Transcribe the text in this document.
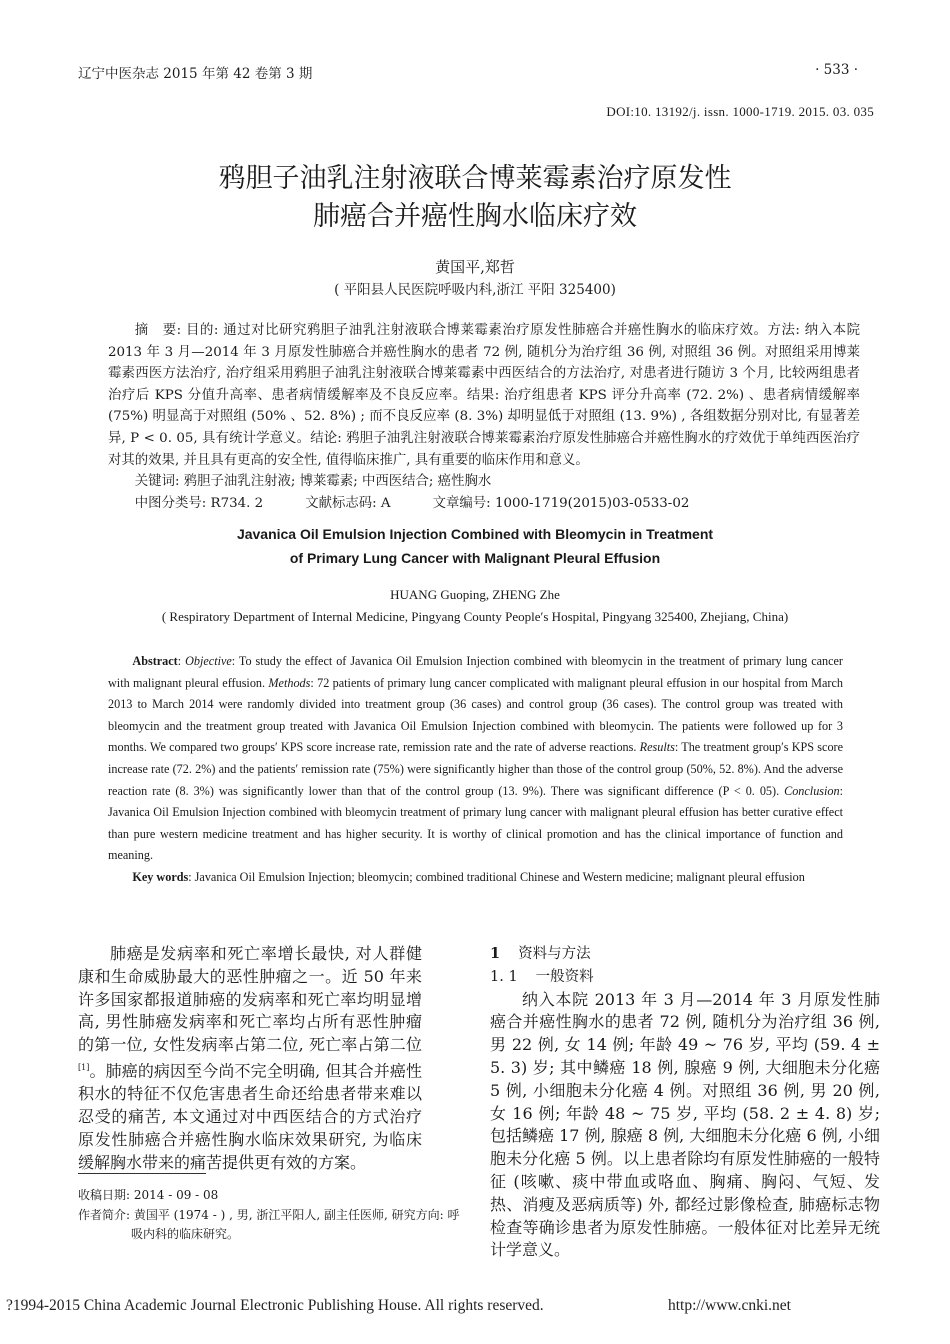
辽宁中医杂志 2015 年第 42 卷第 3 期	· 533 ·
DOI:10. 13192/j. issn. 1000-1719. 2015. 03. 035
鸦胆子油乳注射液联合博莱霉素治疗原发性
肺癌合并癌性胸水临床疗效
黄国平,郑哲
( 平阳县人民医院呼吸内科,浙江 平阳 325400)

摘　要: 目的: 通过对比研究鸦胆子油乳注射液联合博莱霉素治疗原发性肺癌合并癌性胸水的临床疗效。方法: 纳入本院 2013 年 3 月—2014 年 3 月原发性肺癌合并癌性胸水的患者 72 例, 随机分为治疗组 36 例, 对照组 36 例。对照组采用博莱霉素西医方法治疗, 治疗组采用鸦胆子油乳注射液联合博莱霉素中西医结合的方法治疗, 对患者进行随访 3 个月, 比较两组患者治疗后 KPS 分值升高率、患者病情缓解率及不良反应率。结果: 治疗组患者 KPS 评分升高率 (72. 2%) 、患者病情缓解率 (75%) 明显高于对照组 (50% 、52. 8%) ; 而不良反应率 (8. 3%) 却明显低于对照组 (13. 9%) , 各组数据分别对比, 有显著差异, P < 0. 05, 具有统计学意义。结论: 鸦胆子油乳注射液联合博莱霉素治疗原发性肺癌合并癌性胸水的疗效优于单纯西医治疗对其的效果, 并且具有更高的安全性, 值得临床推广, 具有重要的临床作用和意义。

关键词: 鸦胆子油乳注射液; 博莱霉素; 中西医结合; 癌性胸水

中图分类号: R734. 2	文献标志码: A	文章编号: 1000-1719(2015)03-0533-02

Javanica Oil Emulsion Injection Combined with Bleomycin in Treatment
of Primary Lung Cancer with Malignant Pleural Effusion
HUANG Guoping, ZHENG Zhe
( Respiratory Department of Internal Medicine, Pingyang County People′s Hospital, Pingyang 325400, Zhejiang, China)

Abstract: Objective: To study the effect of Javanica Oil Emulsion Injection combined with bleomycin in the treatment of primary lung cancer with malignant pleural effusion. Methods: 72 patients of primary lung cancer complicated with malignant pleural effusion in our hospital from March 2013 to March 2014 were randomly divided into treatment group (36 cases) and control group (36 cases). The control group was treated with bleomycin and the treatment group treated with Javanica Oil Emulsion Injection combined with bleomycin. The patients were followed up for 3 months. We compared two groups′ KPS score increase rate, remission rate and the rate of adverse reactions. Results: The treatment group′s KPS score increase rate (72. 2%) and the patients′ remission rate (75%) were significantly higher than those of the control group (50%, 52. 8%). And the adverse reaction rate (8. 3%) was significantly lower than that of the control group (13. 9%). There was significant difference (P < 0. 05). Conclusion: Javanica Oil Emulsion Injection combined with bleomycin treatment of primary lung cancer with malignant pleural effusion has better curative effect than pure western medicine treatment and has higher security. It is worthy of clinical promotion and has the clinical importance of function and meaning.

Key words: Javanica Oil Emulsion Injection; bleomycin; combined traditional Chinese and Western medicine; malignant pleural effusion

肺癌是发病率和死亡率增长最快, 对人群健康和生命威胁最大的恶性肿瘤之一。近 50 年来许多国家都报道肺癌的发病率和死亡率均明显增高, 男性肺癌发病率和死亡率均占所有恶性肿瘤的第一位, 女性发病率占第二位, 死亡率占第二位[1]。肺癌的病因至今尚不完全明确, 但其合并癌性积水的特征不仅危害患者生命还给患者带来难以忍受的痛苦, 本文通过对中西医结合的方式治疗原发性肺癌合并癌性胸水临床效果研究, 为临床缓解胸水带来的痛苦提供更有效的方案。

收稿日期: 2014 - 09 - 08
作者简介: 黄国平 (1974 - ) , 男, 浙江平阳人, 副主任医师, 研究方向: 呼吸内科的临床研究。
1 资料与方法
1. 1 一般资料

纳入本院 2013 年 3 月—2014 年 3 月原发性肺癌合并癌性胸水的患者 72 例, 随机分为治疗组 36 例, 男 22 例, 女 14 例; 年龄 49 ~ 76 岁, 平均 (59. 4 ± 5. 3) 岁; 其中鳞癌 18 例, 腺癌 9 例, 大细胞未分化癌 5 例, 小细胞未分化癌 4 例。对照组 36 例, 男 20 例, 女 16 例; 年龄 48 ~ 75 岁, 平均 (58. 2 ± 4. 8) 岁; 包括鳞癌 17 例, 腺癌 8 例, 大细胞未分化癌 6 例, 小细胞未分化癌 5 例。以上患者除均有原发性肺癌的一般特征 (咳嗽、痰中带血或咯血、胸痛、胸闷、气短、发热、消瘦及恶病质等) 外, 都经过影像检查, 肺癌标志物检查等确诊患者为原发性肺癌。一般体征对比差异无统计学意义。

?1994-2015 China Academic Journal Electronic Publishing House. All rights reserved.	http://www.cnki.net
